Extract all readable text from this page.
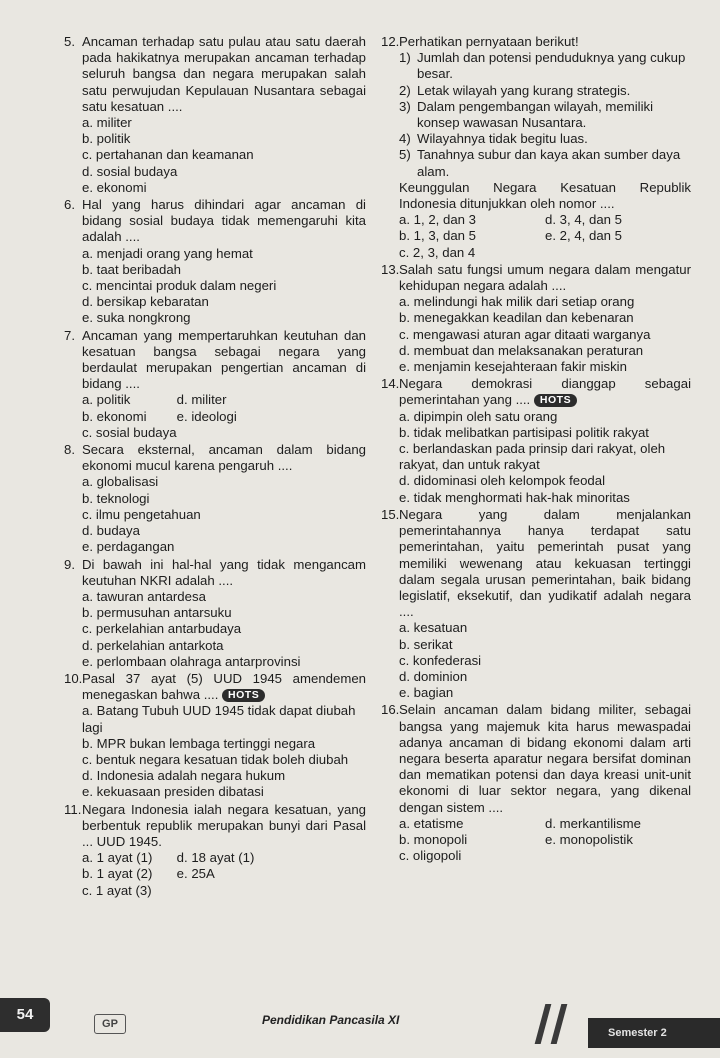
5. Ancaman terhadap satu pulau atau satu daerah pada hakikatnya merupakan ancaman terhadap seluruh bangsa dan negara merupakan salah satu perwujudan Kepulauan Nusantara sebagai satu kesatuan ....
a. militer
b. politik
c. pertahanan dan keamanan
d. sosial budaya
e. ekonomi
6. Hal yang harus dihindari agar ancaman di bidang sosial budaya tidak memengaruhi kita adalah ....
a. menjadi orang yang hemat
b. taat beribadah
c. mencintai produk dalam negeri
d. bersikap kebaratan
e. suka nongkrong
7. Ancaman yang mempertaruhkan keutuhan dan kesatuan bangsa sebagai negara yang berdaulat merupakan pengertian ancaman di bidang ....
a. politik	d. militer
b. ekonomi	e. ideologi
c. sosial budaya
8. Secara eksternal, ancaman dalam bidang ekonomi mucul karena pengaruh ....
a. globalisasi
b. teknologi
c. ilmu pengetahuan
d. budaya
e. perdagangan
9. Di bawah ini hal-hal yang tidak mengancam keutuhan NKRI adalah ....
a. tawuran antardesa
b. permusuhan antarsuku
c. perkelahian antarbudaya
d. perkelahian antarkota
e. perlombaan olahraga antarprovinsi
10. Pasal 37 ayat (5) UUD 1945 amendemen menegaskan bahwa .... HOTS
a. Batang Tubuh UUD 1945 tidak dapat diubah lagi
b. MPR bukan lembaga tertinggi negara
c. bentuk negara kesatuan tidak boleh diubah
d. Indonesia adalah negara hukum
e. kekuasaan presiden dibatasi
11. Negara Indonesia ialah negara kesatuan, yang berbentuk republik merupakan bunyi dari Pasal ... UUD 1945.
a. 1 ayat (1)	d. 18 ayat (1)
b. 1 ayat (2)	e. 25A
c. 1 ayat (3)
12. Perhatikan pernyataan berikut!
1) Jumlah dan potensi penduduknya yang cukup besar.
2) Letak wilayah yang kurang strategis.
3) Dalam pengembangan wilayah, memiliki konsep wawasan Nusantara.
4) Wilayahnya tidak begitu luas.
5) Tanahnya subur dan kaya akan sumber daya alam.
Keunggulan Negara Kesatuan Republik Indonesia ditunjukkan oleh nomor ....
a. 1, 2, dan 3	d. 3, 4, dan 5
b. 1, 3, dan 5	e. 2, 4, dan 5
c. 2, 3, dan 4
13. Salah satu fungsi umum negara dalam mengatur kehidupan negara adalah ....
a. melindungi hak milik dari setiap orang
b. menegakkan keadilan dan kebenaran
c. mengawasi aturan agar ditaati warganya
d. membuat dan melaksanakan peraturan
e. menjamin kesejahteraan fakir miskin
14. Negara demokrasi dianggap sebagai pemerintahan yang .... HOTS
a. dipimpin oleh satu orang
b. tidak melibatkan partisipasi politik rakyat
c. berlandaskan pada prinsip dari rakyat, oleh rakyat, dan untuk rakyat
d. didominasi oleh kelompok feodal
e. tidak menghormati hak-hak minoritas
15. Negara yang dalam menjalankan pemerintahannya hanya terdapat satu pemerintahan, yaitu pemerintah pusat yang memiliki wewenang atau kekuasan tertinggi dalam segala urusan pemerintahan, baik bidang legislatif, eksekutif, dan yudikatif adalah negara ....
a. kesatuan
b. serikat
c. konfederasi
d. dominion
e. bagian
16. Selain ancaman dalam bidang militer, sebagai bangsa yang majemuk kita harus mewaspadai adanya ancaman di bidang ekonomi dalam arti negara beserta aparatur negara bersifat dominan dan mematikan potensi dan daya kreasi unit-unit ekonomi di luar sektor negara, yang dikenal dengan sistem ....
a. etatisme	d. merkantilisme
b. monopoli	e. monopolistik
c. oligopoli
54
GP	Pendidikan Pancasila XI
Semester 2
